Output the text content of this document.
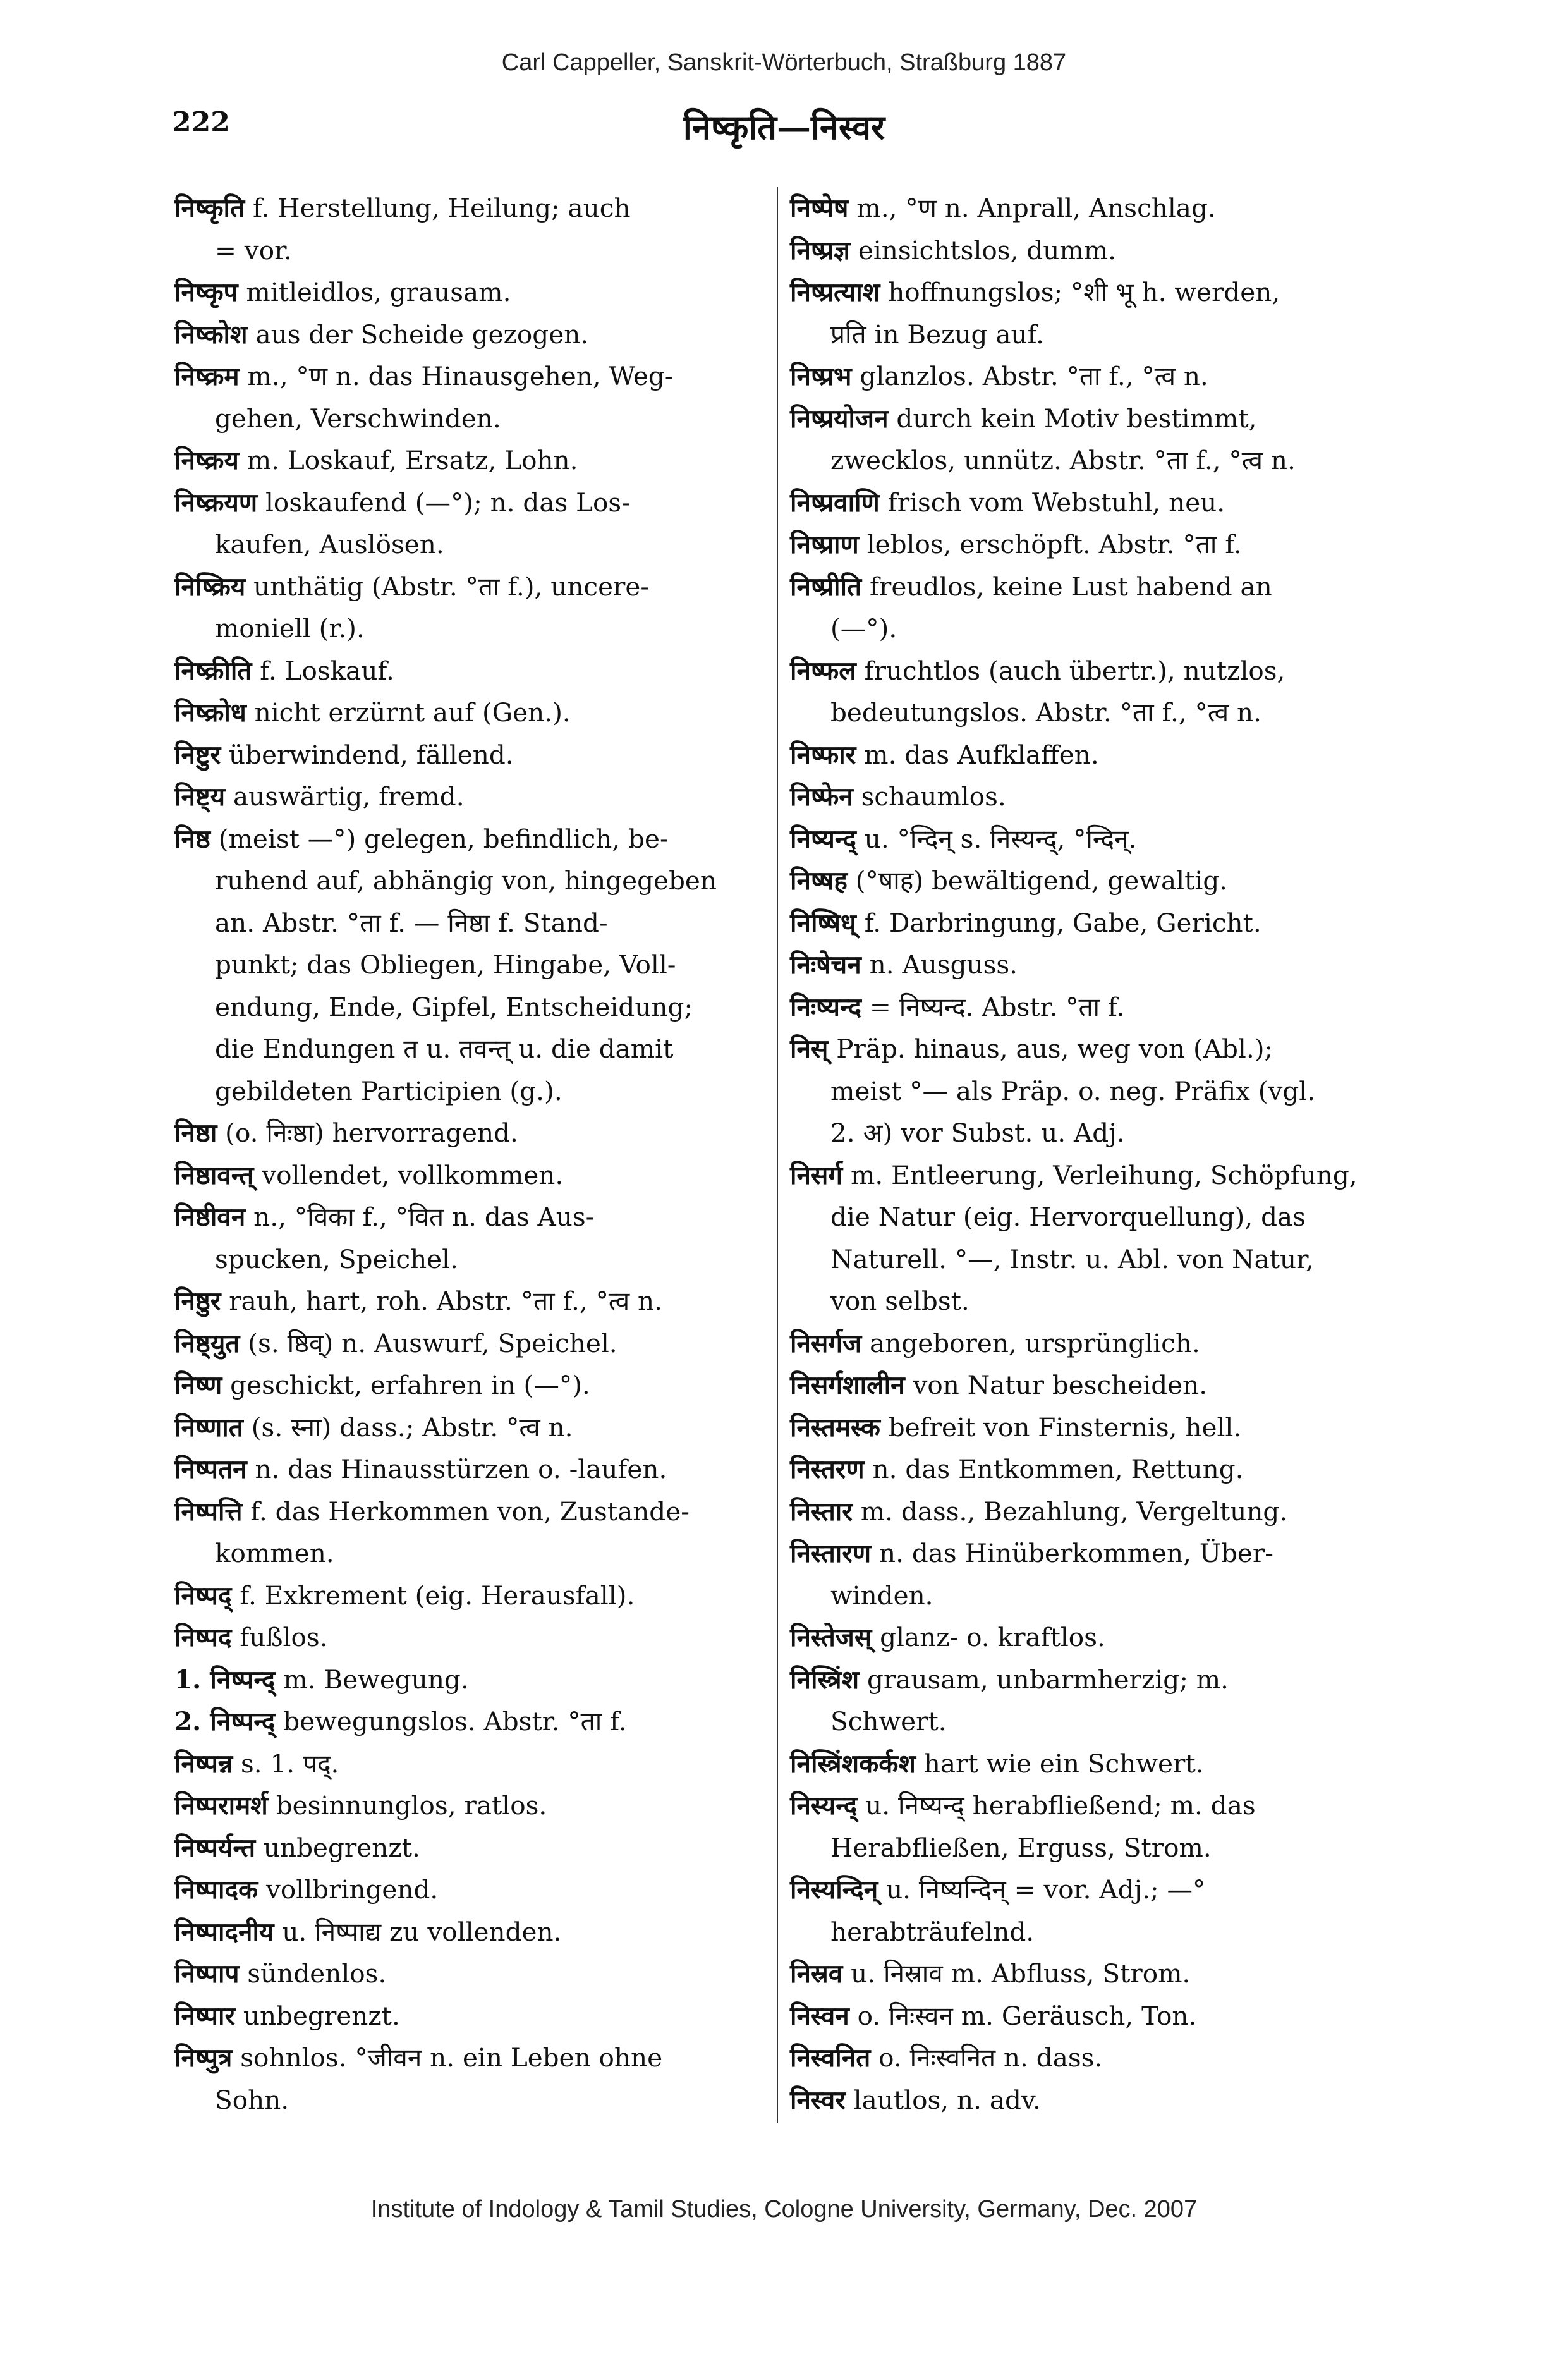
Carl Cappeller, Sanskrit-Wörterbuch, Straßburg 1887
222	निष्कृति—निस्वर

निष्कृति f. Herstellung, Heilung; auch

= vor.

निष्कृप mitleidlos, grausam.

निष्कोश aus der Scheide gezogen.

निष्क्रम m., °ण n. das Hinausgehen, Weg-

gehen, Verschwinden.

निष्क्रय m. Loskauf, Ersatz, Lohn.

निष्क्रयण loskaufend (—°); n. das Los-

kaufen, Auslösen.

निष्क्रिय unthätig (Abstr. °ता f.), uncere-

moniell (r.).

निष्क्रीति f. Loskauf.

निष्क्रोध nicht erzürnt auf (Gen.).

निष्टुर überwindend, fällend.

निष्ट्य auswärtig, fremd.

निष्ठ (meist —°) gelegen, befindlich, be-

ruhend auf, abhängig von, hingegeben
an. Abstr. °ता f. — निष्ठा f. Stand-
punkt; das Obliegen, Hingabe, Voll-
endung, Ende, Gipfel, Entscheidung;
die Endungen त u. तवन्त् u. die damit
gebildeten Participien (g.).

निष्ठा (o. निःष्ठा) hervorragend.

निष्ठावन्त् vollendet, vollkommen.

निष्ठीवन n., °विका f., °वित n. das Aus-

spucken, Speichel.

निष्ठुर rauh, hart, roh. Abstr. °ता f., °त्व n.

निष्ठ्युत (s. ष्ठिव्) n. Auswurf, Speichel.

निष्ण geschickt, erfahren in (—°).

निष्णात (s. स्ना) dass.; Abstr. °त्व n.

निष्पतन n. das Hinausstürzen o. -laufen.

निष्पत्ति f. das Herkommen von, Zustande-

kommen.

निष्पद् f. Exkrement (eig. Herausfall).

निष्पद fußlos.

1. निष्पन्द् m. Bewegung.

2. निष्पन्द् bewegungslos. Abstr. °ता f.

निष्पन्न s. 1. पद्.

निष्परामर्श besinnunglos, ratlos.

निष्पर्यन्त unbegrenzt.

निष्पादक vollbringend.

निष्पादनीय u. निष्पाद्य zu vollenden.

निष्पाप sündenlos.

निष्पार unbegrenzt.

निष्पुत्र sohnlos. °जीवन n. ein Leben ohne

Sohn.

निष्पेष m., °ण n. Anprall, Anschlag.

निष्प्रज्ञ einsichtslos, dumm.

निष्प्रत्याश hoffnungslos; °शी भू h. werden,

प्रति in Bezug auf.

निष्प्रभ glanzlos. Abstr. °ता f., °त्व n.

निष्प्रयोजन durch kein Motiv bestimmt,

zwecklos, unnütz. Abstr. °ता f., °त्व n.

निष्प्रवाणि frisch vom Webstuhl, neu.

निष्प्राण leblos, erschöpft. Abstr. °ता f.

निष्प्रीति freudlos, keine Lust habend an

(—°).

निष्फल fruchtlos (auch übertr.), nutzlos,

bedeutungslos. Abstr. °ता f., °त्व n.

निष्फार m. das Aufklaffen.

निष्फेन schaumlos.

निष्यन्द् u. °न्दिन् s. निस्यन्द्, °न्दिन्.

निष्षह (°षाह) bewältigend, gewaltig.

निष्षिध् f. Darbringung, Gabe, Gericht.

निःषेचन n. Ausguss.

निःष्यन्द = निष्यन्द. Abstr. °ता f.

निस् Präp. hinaus, aus, weg von (Abl.);

meist °— als Präp. o. neg. Präfix (vgl.
2. अ) vor Subst. u. Adj.

निसर्ग m. Entleerung, Verleihung, Schöpfung,

die Natur (eig. Hervorquellung), das
Naturell. °—, Instr. u. Abl. von Natur,
von selbst.

निसर्गज angeboren, ursprünglich.

निसर्गशालीन von Natur bescheiden.

निस्तमस्क befreit von Finsternis, hell.

निस्तरण n. das Entkommen, Rettung.

निस्तार m. dass., Bezahlung, Vergeltung.

निस्तारण n. das Hinüberkommen, Über-

winden.

निस्तेजस् glanz- o. kraftlos.

निस्त्रिंश grausam, unbarmherzig; m.

Schwert.

निस्त्रिंशकर्कश hart wie ein Schwert.

निस्यन्द् u. निष्यन्द् herabfließend; m. das

Herabfließen, Erguss, Strom.

निस्यन्दिन् u. निष्यन्दिन् = vor. Adj.; —°

herabträufelnd.

निस्रव u. निस्राव m. Abfluss, Strom.

निस्वन o. निःस्वन m. Geräusch, Ton.

निस्वनित o. निःस्वनित n. dass.

निस्वर lautlos, n. adv.

Institute of Indology & Tamil Studies, Cologne University, Germany, Dec. 2007
